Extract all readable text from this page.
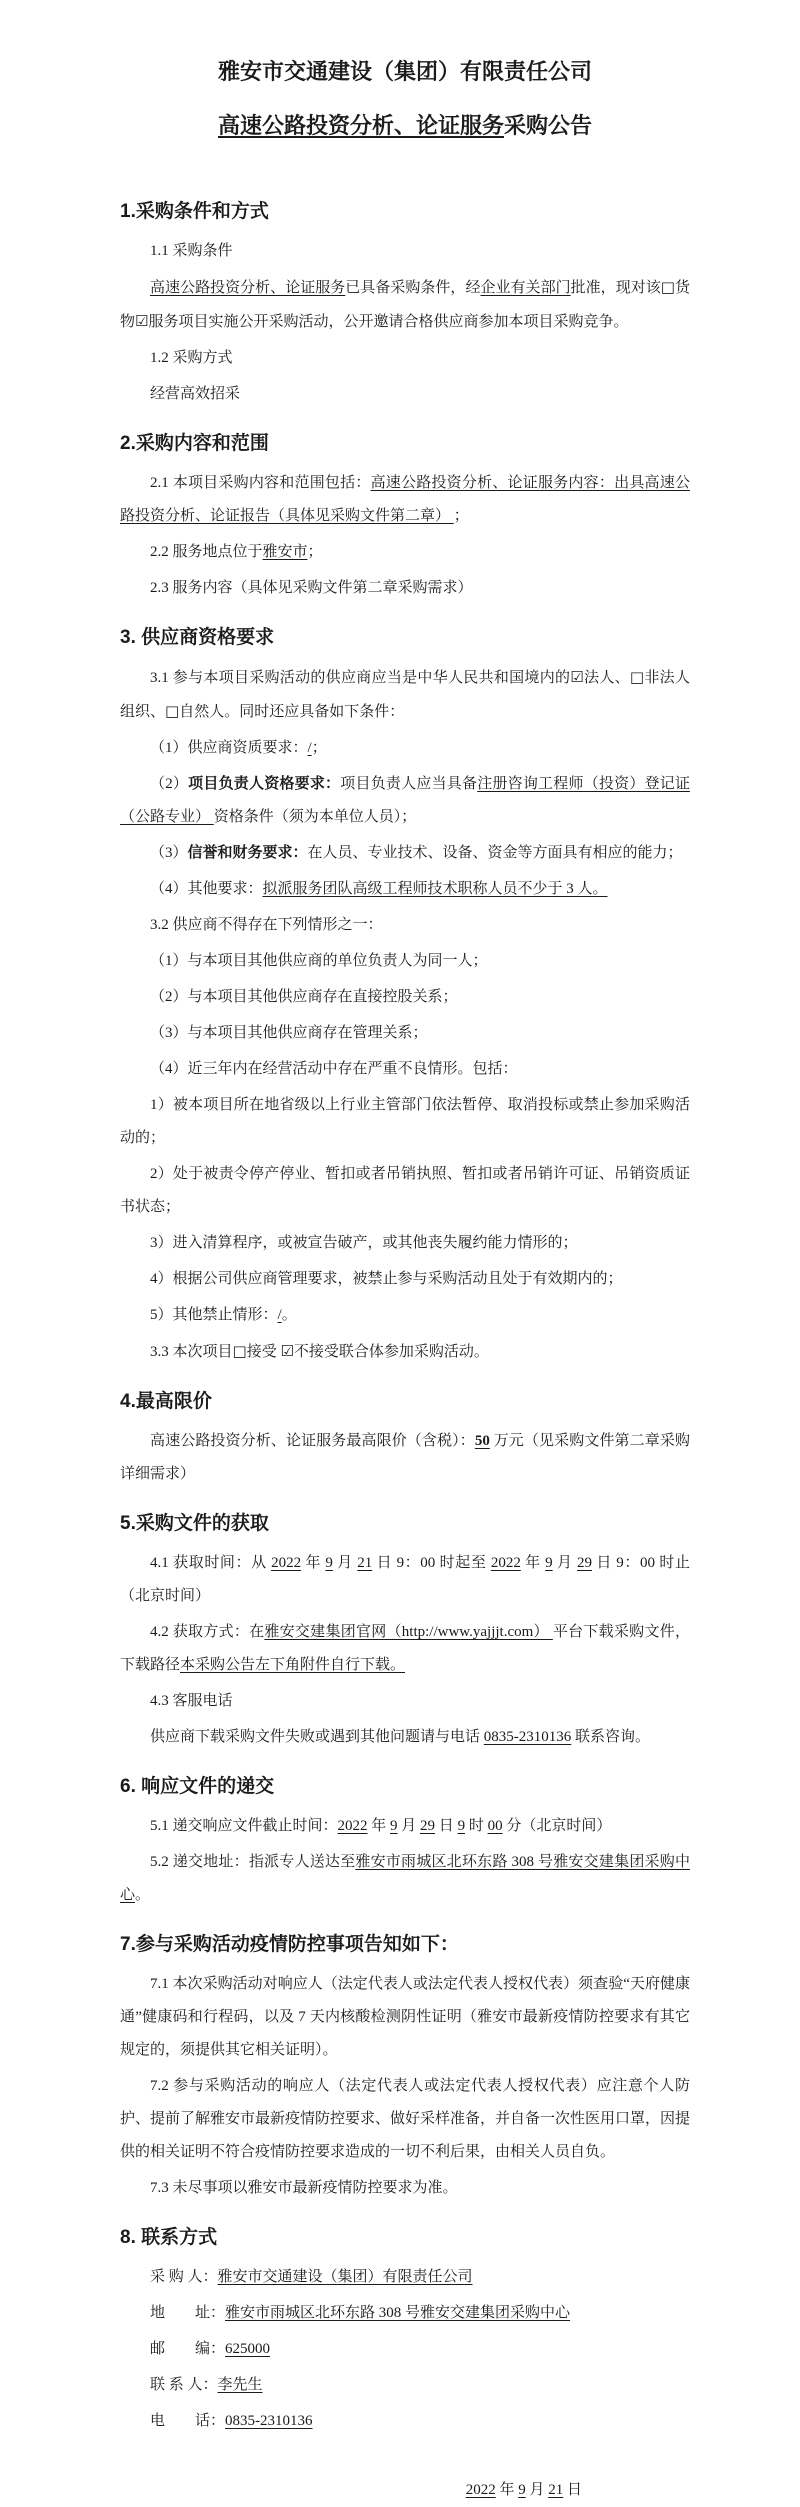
雅安市交通建设（集团）有限责任公司

高速公路投资分析、论证服务采购公告

1.采购条件和方式

1.1 采购条件

高速公路投资分析、论证服务已具备采购条件，经企业有关部门批准，现对该□货物☑服务项目实施公开采购活动，公开邀请合格供应商参加本项目采购竞争。

1.2 采购方式

经营高效招采

2.采购内容和范围

2.1 本项目采购内容和范围包括：高速公路投资分析、论证服务内容：出具高速公路投资分析、论证报告（具体见采购文件第二章） ；

2.2 服务地点位于雅安市；

2.3 服务内容（具体见采购文件第二章采购需求）

3. 供应商资格要求

3.1 参与本项目采购活动的供应商应当是中华人民共和国境内的☑法人、□非法人组织、□自然人。同时还应具备如下条件：

（1）供应商资质要求：/；

（2）项目负责人资格要求：项目负责人应当具备注册咨询工程师（投资）登记证（公路专业） 资格条件（须为本单位人员）；

（3）信誉和财务要求：在人员、专业技术、设备、资金等方面具有相应的能力；

（4）其他要求：拟派服务团队高级工程师技术职称人员不少于 3 人。

3.2 供应商不得存在下列情形之一：

（1）与本项目其他供应商的单位负责人为同一人；

（2）与本项目其他供应商存在直接控股关系；

（3）与本项目其他供应商存在管理关系；

（4）近三年内在经营活动中存在严重不良情形。包括：

1）被本项目所在地省级以上行业主管部门依法暂停、取消投标或禁止参加采购活动的；

2）处于被责令停产停业、暂扣或者吊销执照、暂扣或者吊销许可证、吊销资质证书状态；

3）进入清算程序，或被宣告破产，或其他丧失履约能力情形的；

4）根据公司供应商管理要求，被禁止参与采购活动且处于有效期内的；

5）其他禁止情形：/。

3.3 本次项目□接受 ☑不接受联合体参加采购活动。

4.最高限价

高速公路投资分析、论证服务最高限价（含税）：50 万元（见采购文件第二章采购详细需求）

5.采购文件的获取

4.1 获取时间：从 2022 年 9 月 21 日 9：00 时起至 2022 年 9 月 29 日 9：00 时止（北京时间）

4.2 获取方式：在雅安交建集团官网（http://www.yajjjt.com） 平台下载采购文件，下载路径本采购公告左下角附件自行下载。

4.3 客服电话

供应商下载采购文件失败或遇到其他问题请与电话 0835-2310136 联系咨询。

6. 响应文件的递交

5.1 递交响应文件截止时间：2022 年 9 月 29 日 9 时 00 分（北京时间）

5.2 递交地址：指派专人送达至雅安市雨城区北环东路 308 号雅安交建集团采购中心。

7.参与采购活动疫情防控事项告知如下：

7.1 本次采购活动对响应人（法定代表人或法定代表人授权代表）须查验“天府健康通”健康码和行程码，以及 7 天内核酸检测阴性证明（雅安市最新疫情防控要求有其它规定的，须提供其它相关证明）。

7.2 参与采购活动的响应人（法定代表人或法定代表人授权代表）应注意个人防护、提前了解雅安市最新疫情防控要求、做好采样准备，并自备一次性医用口罩，因提供的相关证明不符合疫情防控要求造成的一切不利后果，由相关人员自负。

7.3 未尽事项以雅安市最新疫情防控要求为准。

8. 联系方式

采 购 人：雅安市交通建设（集团）有限责任公司

地　　址：雅安市雨城区北环东路 308 号雅安交建集团采购中心

邮　　编：625000

联 系 人：李先生

电　　话：0835-2310136

2022 年 9 月 21 日
